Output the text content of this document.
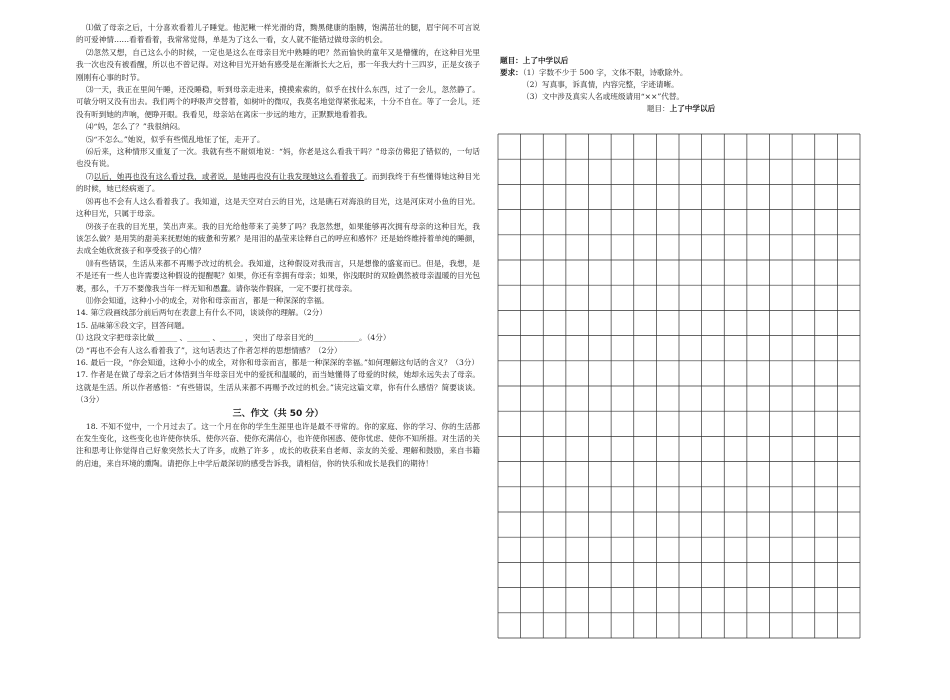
⑴做了母亲之后，十分喜欢看着儿子睡觉。他泥鳅一样光滑的背，黝黑健康的脂膊，饱满茁壮的腿，眉宇间不可言说的可爱神情……看着看着，我常常觉得，单是为了这么一看，女人就不能错过做母亲的机会。

⑵忽然又想，自己这么小的时候，一定也是这么在母亲目光中熟睡的吧？然而愉快的童年又是懵懂的，在这种目光里我一次也没有被看醒，所以也不曾记得。对这种目光开始有感受是在渐渐长大之后，那一年我大约十三四岁，正是女孩子刚刚有心事的时节。

⑶一天，我正在里间午睡，还没睡稳，听到母亲走进来，摸摸索索的，似乎在找什么东西，过了一会儿，忽然静了。可敏分明又没有出去。我们两个的呼吸声交替着，如树叶的微叹，我莫名地觉得紧张起来，十分不自在。等了一会儿，还没有听到她的声响，便睁开眼。我看见，母亲站在离床一步远的地方，正默默地看着我。

⑷“妈，怎么了？”我很纳闷。

⑸“不怎么。”她说，似乎有些慌乱地怔了怔，走开了。

⑹后来，这种情形又重复了一次。我就有些不耐烦地说：“妈，你老是这么看我干吗？”母亲仿佛犯了错似的，一句话也没有说。

⑺以后，她再也没有这么看过我，或者说，是她再也没有让我发现她这么看着我了。而到我终于有些懂得她这种目光的时候，她已经病逝了。

⑻再也不会有人这么看着我了。我知道，这是天空对白云的目光，这是礁石对海浪的目光，这是河床对小鱼的目光。这种目光，只属于母亲。

⑼孩子在我的目光里，笑出声来。我的目光给他带来了美梦了吗？我忽然想，如果能够再次拥有母亲的这种目光，我该怎么做？是用笑的甜美来抚慰她的疲惫和劳累？是用泪的晶莹来诠释自己的呼应和感怀？还是始终维持着单纯的睡颜，去成全她欣赏孩子和享受孩子的心情？

⑽有些错误，生活从来都不再赐予改过的机会。我知道，这种假设对我而言，只是想像的盛宴而已。但是，我想，是不是还有一些人也许需要这种假设的提醒呢？如果，你还有幸拥有母亲；如果，你浅眠时的双睑偶然被母亲温暖的目光包裹，那么，千万不要像我当年一样无知和愚蠢。请你装作假寐，一定不要打扰母亲。

⑾你会知道，这种小小的成全，对你和母亲而言，都是一种深深的幸福。

14. 第⑦段画线部分前后两句在表意上有什么不同，谈谈你的理解。（2分）

15. 品味第⑧段文字，回答问题。

⑴ 这段文字把母亲比做______ 、______ 、______ ，突出了母亲目光的____________。（4分）

⑵ “再也不会有人这么看着我了”，这句话表达了作者怎样的思想情感？（2分）

16. 最后一段，“你会知道，这种小小的成全，对你和母亲而言，都是一种深深的幸福。”如何理解这句话的含义？（3分）

17. 作者是在做了母亲之后才体悟到当年母亲目光中的爱抚和温暖的，而当她懂得了母爱的时候，她却永远失去了母亲。这就是生活。所以作者感悟：“有些错误，生活从来都不再赐予改过的机会。”读完这篇文章，你有什么感悟？简要谈谈。（3分）

三、作文（共 50 分）

18. 不知不觉中，一个月过去了。这一个月在你的学生生涯里也许是最不寻常的。你的家庭、你的学习、你的生活都在发生变化，这些变化也许使你快乐、使你兴奋、使你充满信心，也许使你困惑、使你忧虑、使你不知所措。对生活的关注和思考让你觉得自己好象突然长大了许多，成熟了许多 ，成长的收获来自老师、亲友的关爱、理解和鼓励，来自书籍的启迪，来自环境的熏陶。请把你上中学后最深切的感受告诉我，请相信，你的快乐和成长是我们的期待！

题目：上了中学以后
要求：（1）字数不少于 500 字，文体不限，诗歌除外。
（2）写真事，诉真情，内容完整，字迹请晰。
（3）文中涉及真实人名或班级请用“××”代替。
题目：上了中学以后
